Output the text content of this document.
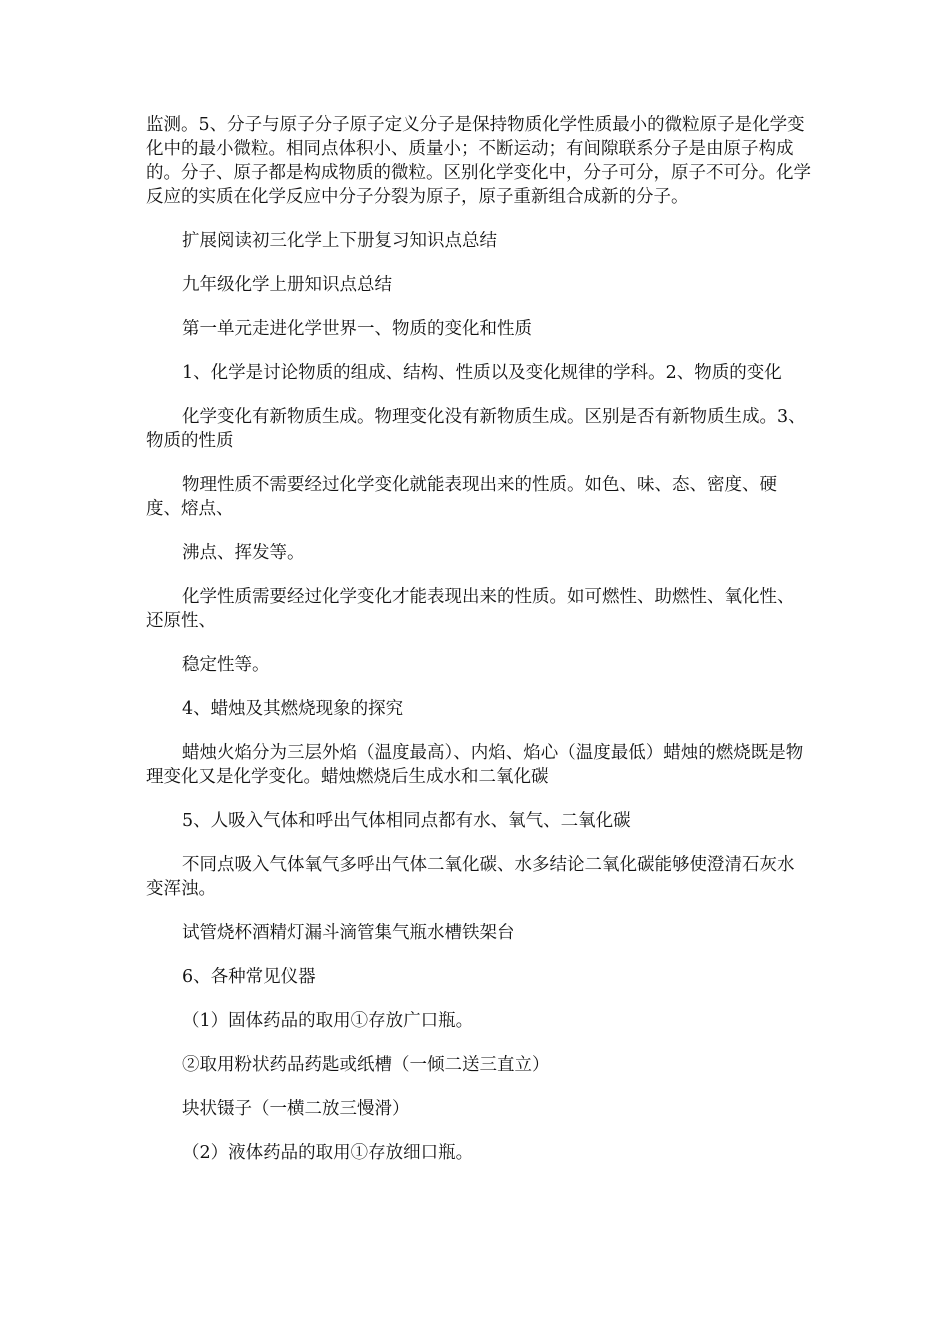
监测。5、分子与原子分子原子定义分子是保持物质化学性质最小的微粒原子是化学变化中的最小微粒。相同点体积小、质量小；不断运动；有间隙联系分子是由原子构成的。分子、原子都是构成物质的微粒。区别化学变化中，分子可分，原子不可分。化学反应的实质在化学反应中分子分裂为原子，原子重新组合成新的分子。

扩展阅读初三化学上下册复习知识点总结

九年级化学上册知识点总结

第一单元走进化学世界一、物质的变化和性质

1、化学是讨论物质的组成、结构、性质以及变化规律的学科。2、物质的变化

化学变化有新物质生成。物理变化没有新物质生成。区别是否有新物质生成。3、物质的性质

物理性质不需要经过化学变化就能表现出来的性质。如色、味、态、密度、硬度、熔点、

沸点、挥发等。

化学性质需要经过化学变化才能表现出来的性质。如可燃性、助燃性、氧化性、还原性、

稳定性等。

4、蜡烛及其燃烧现象的探究

蜡烛火焰分为三层外焰（温度最高）、内焰、焰心（温度最低）蜡烛的燃烧既是物理变化又是化学变化。蜡烛燃烧后生成水和二氧化碳

5、人吸入气体和呼出气体相同点都有水、氧气、二氧化碳

不同点吸入气体氧气多呼出气体二氧化碳、水多结论二氧化碳能够使澄清石灰水变浑浊。

试管烧杯酒精灯漏斗滴管集气瓶水槽铁架台

6、各种常见仪器

（1）固体药品的取用①存放广口瓶。

②取用粉状药品药匙或纸槽（一倾二送三直立）

块状镊子（一横二放三慢滑）

（2）液体药品的取用①存放细口瓶。
